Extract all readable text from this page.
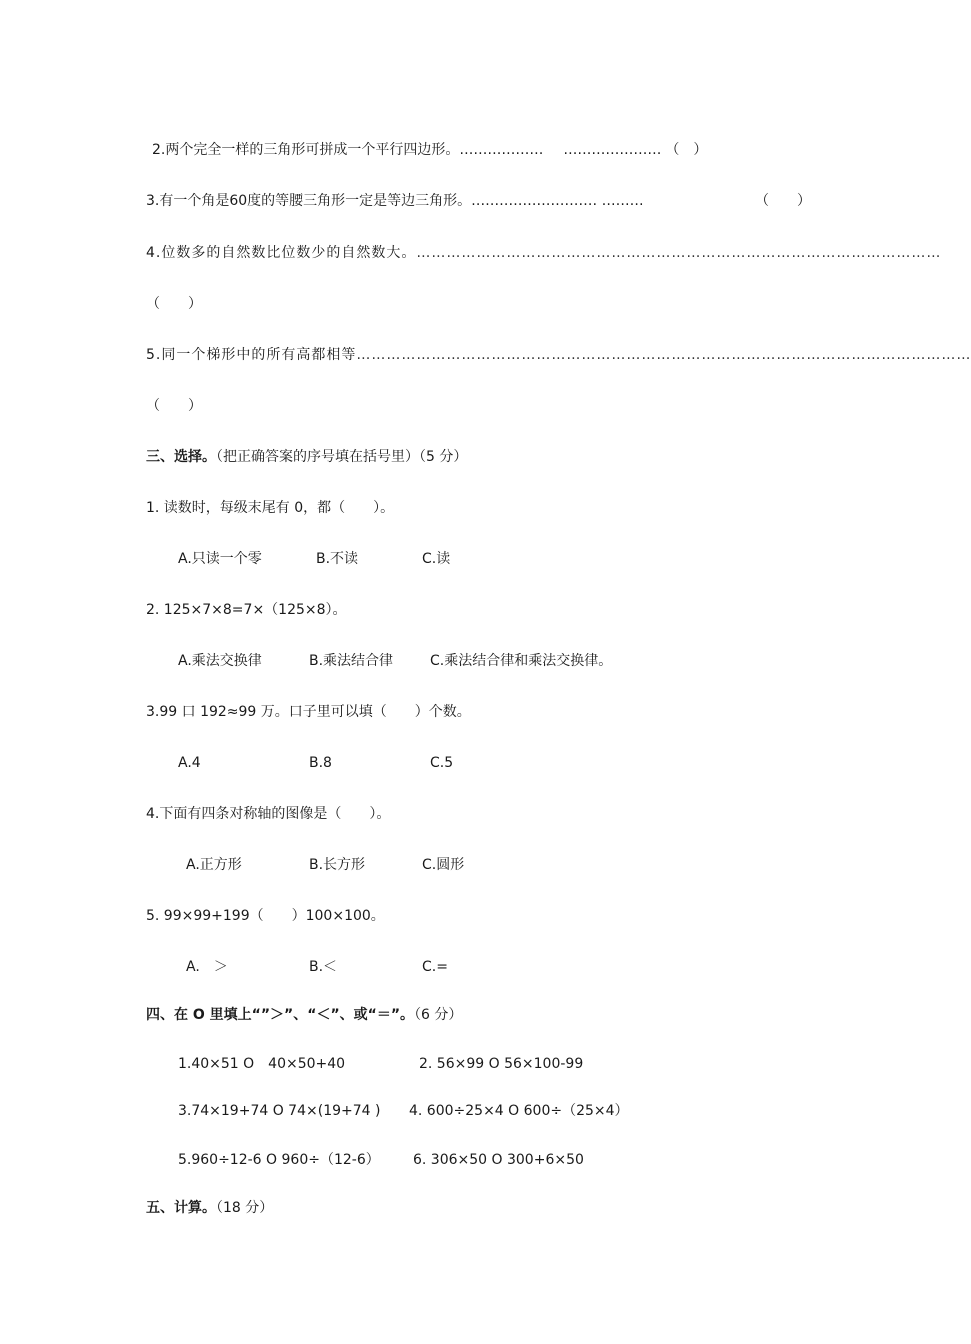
2.两个完全一样的三角形可拼成一个平行四边形。………………	………………… （　）
3.有一个角是60度的等腰三角形一定是等边三角形。……………………… ………	（　　）
4.位数多的自然数比位数少的自然数大。 ……………………………………………………………………………………………
（　　）
5.同一个梯形中的所有高都相等 ……………………………………………………………………………………………………………
（　　）
三、选择。（把正确答案的序号填在括号里）（5 分）
1. 读数时，每级末尾有 0，都（　　）。
A.只读一个零	B.不读	C.读
2. 125×7×8=7×（125×8）。
A.乘法交换律	B.乘法结合律	C.乘法结合律和乘法交换律。
3.99 口 192≈99 万。口子里可以填（　　）个数。
A.4	B.8	C.5
4.下面有四条对称轴的图像是（　　）。
A.正方形	B.长方形	C.圆形
5. 99×99+199（　　）100×100。
A.　＞	B.＜	C.=
四、在 O 里填上“”＞”、“＜”、或“＝”。（6 分）
1.40×51 O　40×50+40	2. 56×99 O 56×100-99
3.74×19+74 O 74×(19+74 ) 4. 600÷25×4 O 600÷（25×4）
5.960÷12-6 O 960÷（12-6） 6. 306×50 O 300+6×50
五、计算。（18 分）
